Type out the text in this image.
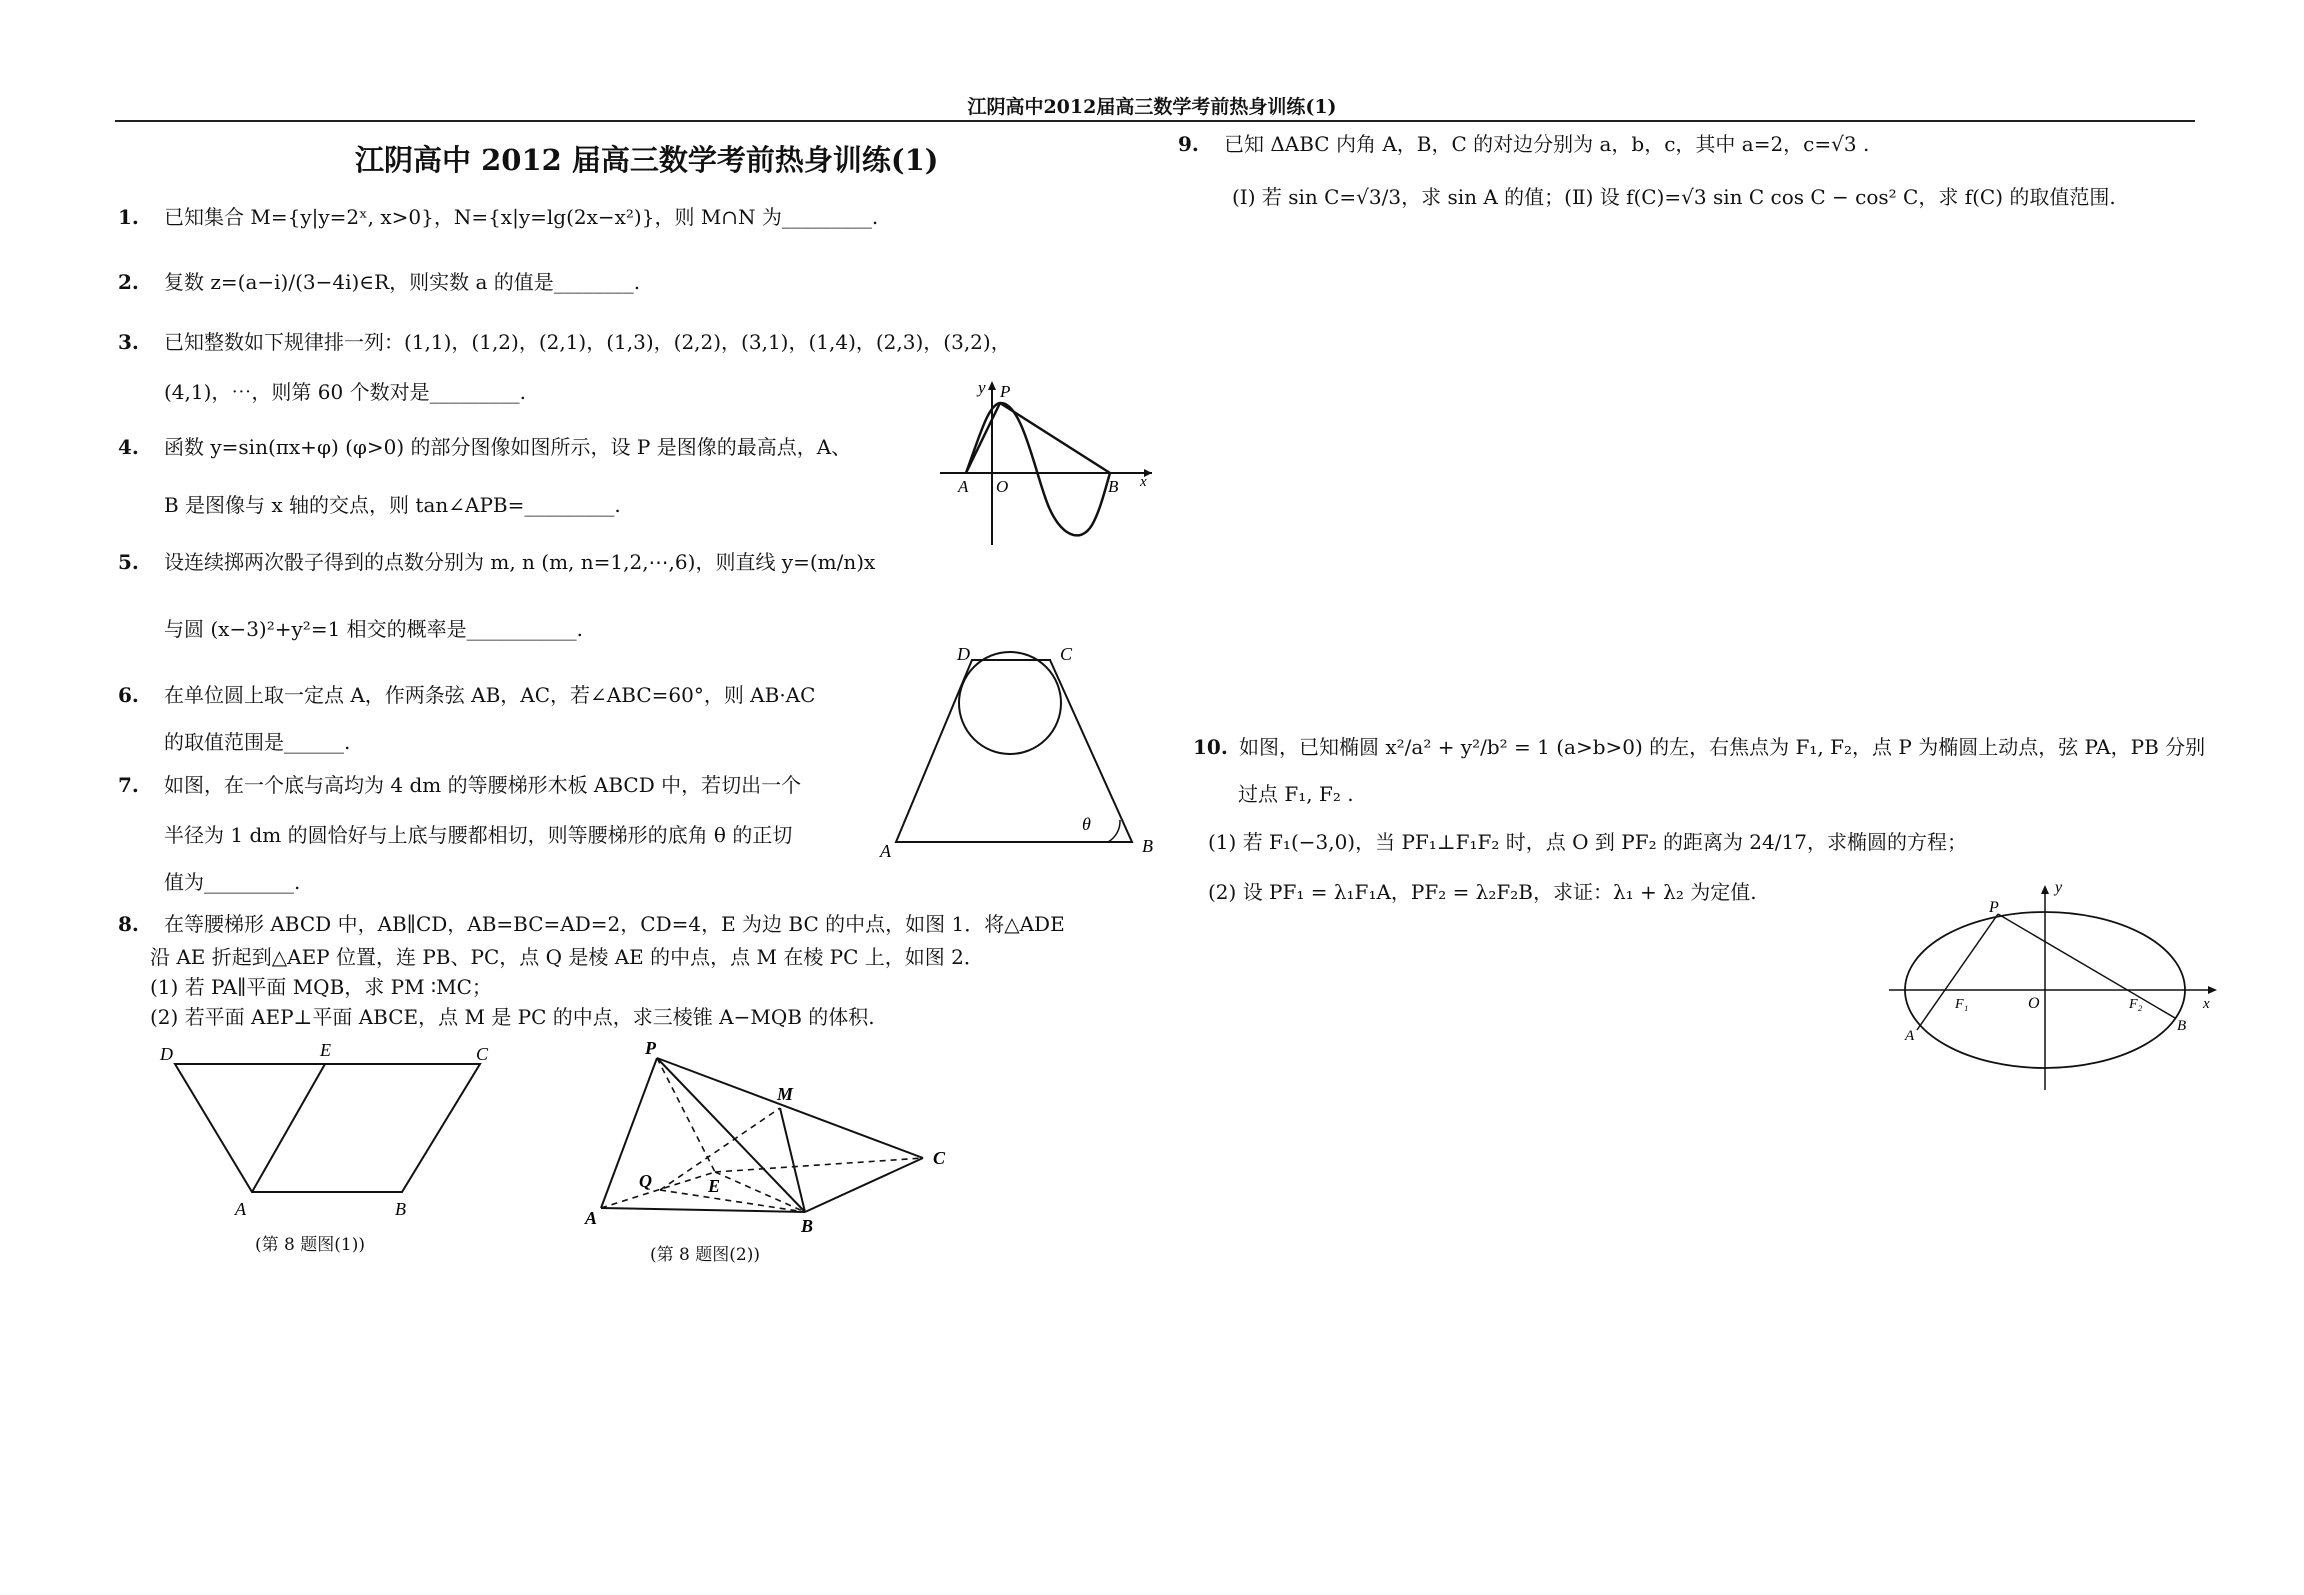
江阴高中2012届高三数学考前热身训练(1)
江阴高中 2012 届高三数学考前热身训练(1)
1. 已知集合 M={y|y=2ˣ, x>0}，N={x|y=lg(2x−x²)}，则 M∩N 为_________.
2. 复数 z=(a−i)/(3−4i)∈R，则实数 a 的值是________.
3. 已知整数如下规律排一列：(1,1)，(1,2)，(2,1)，(1,3)，(2,2)，(3,1)，(1,4)，(2,3)，(3,2)，
(4,1)，⋯，则第 60 个数对是_________.
4. 函数 y=sin(πx+φ) (φ>0) 的部分图像如图所示，设 P 是图像的最高点，A、
B 是图像与 x 轴的交点，则 tan∠APB=_________.
5. 设连续掷两次骰子得到的点数分别为 m, n (m, n=1,2,⋯,6)，则直线 y=(m/n)x
与圆 (x−3)²+y²=1 相交的概率是___________.
6. 在单位圆上取一定点 A，作两条弦 AB，AC，若∠ABC=60°，则 AB·AC
的取值范围是______.
7. 如图，在一个底与高均为 4 dm 的等腰梯形木板 ABCD 中，若切出一个
半径为 1 dm 的圆恰好与上底与腰都相切，则等腰梯形的底角 θ 的正切
值为_________.
8. 在等腰梯形 ABCD 中，AB∥CD，AB=BC=AD=2，CD=4，E 为边 BC 的中点，如图 1．将△ADE
沿 AE 折起到△AEP 位置，连 PB、PC，点 Q 是棱 AE 的中点，点 M 在棱 PC 上，如图 2．
(1) 若 PA∥平面 MQB，求 PM ∶MC；
(2) 若平面 AEP⊥平面 ABCE，点 M 是 PC 的中点，求三棱锥 A−MQB 的体积.
y P
A O	B x
D	C
A	B
θ
D	E	C
A	B
(第 8 题图(1))
P
M
Q	E
C
A	B
(第 8 题图(2))
9. 已知 ΔABC 内角 A，B，C 的对边分别为 a，b，c，其中 a=2，c=√3 .
(Ⅰ) 若 sin C=√3/3，求 sin A 的值；(Ⅱ) 设 f(C)=√3 sin C cos C − cos² C，求 f(C) 的取值范围.
10. 如图，已知椭圆 x²/a² + y²/b² = 1 (a>b>0) 的左，右焦点为 F₁, F₂，点 P 为椭圆上动点，弦 PA，PB 分别
过点 F₁, F₂ .
(1) 若 F₁(−3,0)，当 PF₁⊥F₁F₂ 时，点 O 到 PF₂ 的距离为 24/17，求椭圆的方程；
(2) 设 PF₁ = λ₁F₁A，PF₂ = λ₂F₂B，求证：λ₁ + λ₂ 为定值.	y
P
F₁	O	F₂	x
A
B
